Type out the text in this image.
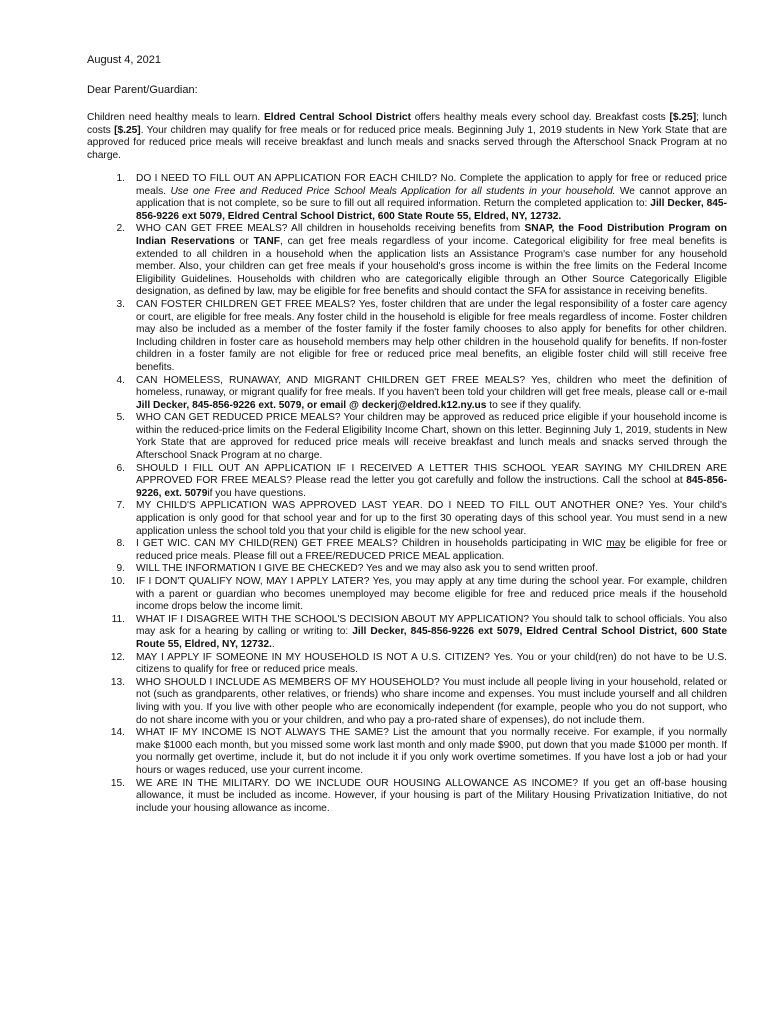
August 4, 2021
Dear Parent/Guardian:

Children need healthy meals to learn. Eldred Central School District offers healthy meals every school day. Breakfast costs [$.25]; lunch costs [$.25]. Your children may qualify for free meals or for reduced price meals. Beginning July 1, 2019 students in New York State that are approved for reduced price meals will receive breakfast and lunch meals and snacks served through the Afterschool Snack Program at no charge.

1. DO I NEED TO FILL OUT AN APPLICATION FOR EACH CHILD? No. Complete the application to apply for free or reduced price meals. Use one Free and Reduced Price School Meals Application for all students in your household. We cannot approve an application that is not complete, so be sure to fill out all required information. Return the completed application to: Jill Decker, 845-856-9226 ext 5079, Eldred Central School District, 600 State Route 55, Eldred, NY, 12732.
2. WHO CAN GET FREE MEALS? All children in households receiving benefits from SNAP, the Food Distribution Program on Indian Reservations or TANF, can get free meals regardless of your income. Categorical eligibility for free meal benefits is extended to all children in a household when the application lists an Assistance Program's case number for any household member. Also, your children can get free meals if your household's gross income is within the free limits on the Federal Income Eligibility Guidelines. Households with children who are categorically eligible through an Other Source Categorically Eligible designation, as defined by law, may be eligible for free benefits and should contact the SFA for assistance in receiving benefits.
3. CAN FOSTER CHILDREN GET FREE MEALS? Yes, foster children that are under the legal responsibility of a foster care agency or court, are eligible for free meals. Any foster child in the household is eligible for free meals regardless of income. Foster children may also be included as a member of the foster family if the foster family chooses to also apply for benefits for other children. Including children in foster care as household members may help other children in the household qualify for benefits. If non-foster children in a foster family are not eligible for free or reduced price meal benefits, an eligible foster child will still receive free benefits.
4. CAN HOMELESS, RUNAWAY, AND MIGRANT CHILDREN GET FREE MEALS? Yes, children who meet the definition of homeless, runaway, or migrant qualify for free meals. If you haven't been told your children will get free meals, please call or e-mail Jill Decker, 845-856-9226 ext. 5079, or email @ deckerj@eldred.k12.ny.us to see if they qualify.
5. WHO CAN GET REDUCED PRICE MEALS? Your children may be approved as reduced price eligible if your household income is within the reduced-price limits on the Federal Eligibility Income Chart, shown on this letter. Beginning July 1, 2019, students in New York State that are approved for reduced price meals will receive breakfast and lunch meals and snacks served through the Afterschool Snack Program at no charge.
6. SHOULD I FILL OUT AN APPLICATION IF I RECEIVED A LETTER THIS SCHOOL YEAR SAYING MY CHILDREN ARE APPROVED FOR FREE MEALS? Please read the letter you got carefully and follow the instructions. Call the school at 845-856-9226, ext. 5079if you have questions.
7. MY CHILD'S APPLICATION WAS APPROVED LAST YEAR. DO I NEED TO FILL OUT ANOTHER ONE? Yes. Your child's application is only good for that school year and for up to the first 30 operating days of this school year. You must send in a new application unless the school told you that your child is eligible for the new school year.
8. I GET WIC. CAN MY CHILD(REN) GET FREE MEALS? Children in households participating in WIC may be eligible for free or reduced price meals. Please fill out a FREE/REDUCED PRICE MEAL application.
9. WILL THE INFORMATION I GIVE BE CHECKED? Yes and we may also ask you to send written proof.
10. IF I DON'T QUALIFY NOW, MAY I APPLY LATER? Yes, you may apply at any time during the school year. For example, children with a parent or guardian who becomes unemployed may become eligible for free and reduced price meals if the household income drops below the income limit.
11. WHAT IF I DISAGREE WITH THE SCHOOL'S DECISION ABOUT MY APPLICATION? You should talk to school officials. You also may ask for a hearing by calling or writing to: Jill Decker, 845-856-9226 ext 5079, Eldred Central School District, 600 State Route 55, Eldred, NY, 12732..
12. MAY I APPLY IF SOMEONE IN MY HOUSEHOLD IS NOT A U.S. CITIZEN? Yes. You or your child(ren) do not have to be U.S. citizens to qualify for free or reduced price meals.
13. WHO SHOULD I INCLUDE AS MEMBERS OF MY HOUSEHOLD? You must include all people living in your household, related or not (such as grandparents, other relatives, or friends) who share income and expenses. You must include yourself and all children living with you. If you live with other people who are economically independent (for example, people who you do not support, who do not share income with you or your children, and who pay a pro-rated share of expenses), do not include them.
14. WHAT IF MY INCOME IS NOT ALWAYS THE SAME? List the amount that you normally receive. For example, if you normally make $1000 each month, but you missed some work last month and only made $900, put down that you made $1000 per month. If you normally get overtime, include it, but do not include it if you only work overtime sometimes. If you have lost a job or had your hours or wages reduced, use your current income.
15. WE ARE IN THE MILITARY. DO WE INCLUDE OUR HOUSING ALLOWANCE AS INCOME? If you get an off-base housing allowance, it must be included as income. However, if your housing is part of the Military Housing Privatization Initiative, do not include your housing allowance as income.
